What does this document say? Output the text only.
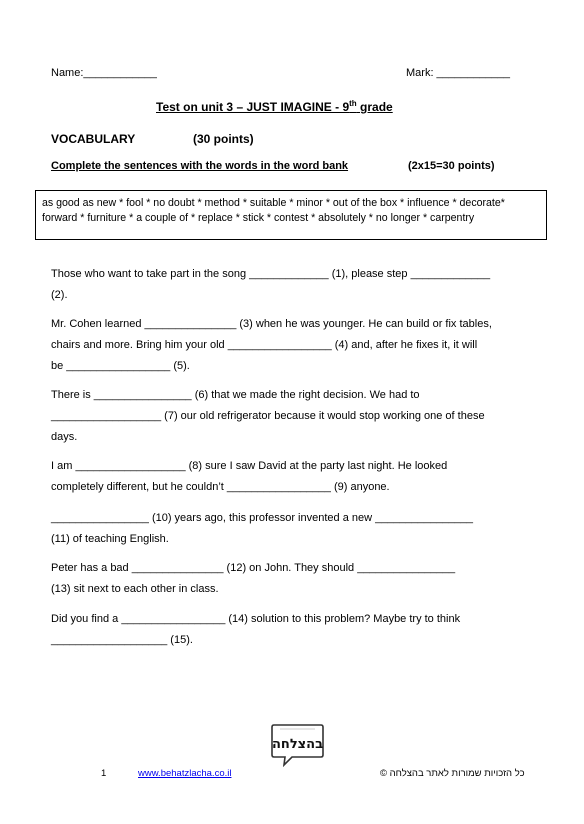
Name:____________	Mark: ____________
Test on unit 3 – JUST IMAGINE - 9th grade
VOCABULARY	(30 points)
Complete the sentences with the words in the word bank	(2x15=30 points)
as good as new * fool * no doubt * method * suitable * minor * out of the box * influence * decorate*
forward * furniture * a couple of * replace * stick * contest * absolutely * no longer * carpentry
Those who want to take part in the song _____________ (1), please step _____________
(2).
Mr. Cohen learned _______________ (3) when he was younger. He can build or fix tables,
chairs and more. Bring him your old _________________ (4) and, after he fixes it, it will
be _________________ (5).
There is ________________ (6) that we made the right decision. We had to
__________________ (7) our old refrigerator because it would stop working one of these
days.
I am __________________ (8) sure I saw David at the party last night. He looked
completely different, but he couldn’t _________________ (9) anyone.
________________ (10) years ago, this professor invented a new ________________
(11) of teaching English.
Peter has a bad _______________ (12) on John. They should ________________
(13) sit next to each other in class.
Did you find a _________________ (14) solution to this problem? Maybe try to think
___________________ (15).
בהצלחה
1	www.behatzlacha.co.il	כל הזכויות שמורות לאתר בהצלחה ©
